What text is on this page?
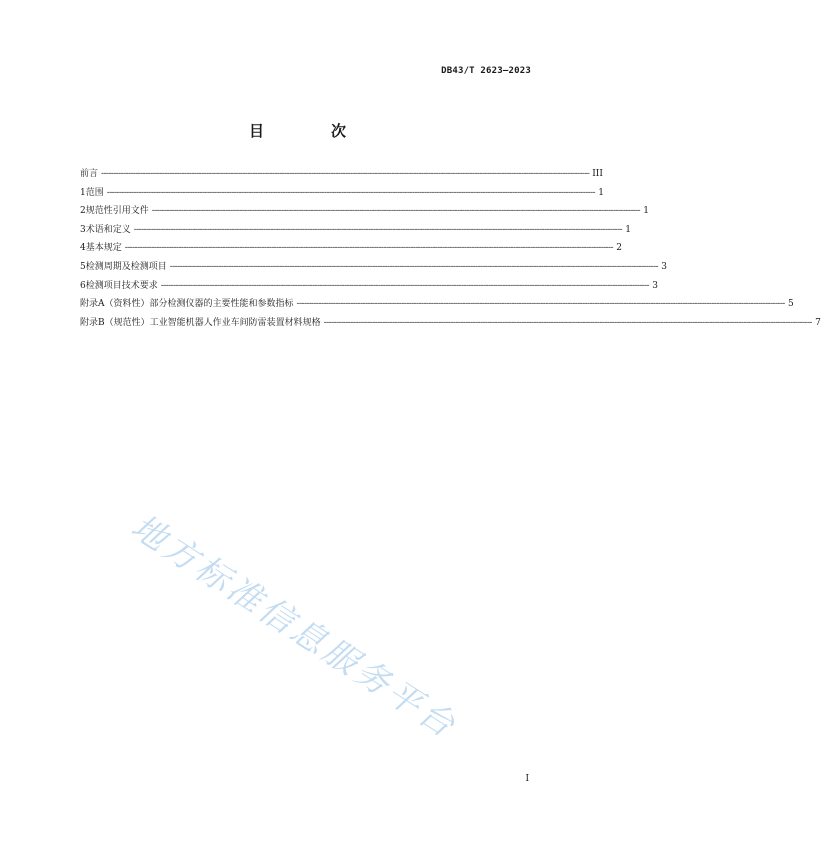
DB43/T 2623—2023
目　次
前言 -------------------------------------------------------------------------------------------------------------------------------------------------------------------------------------------------------- III
1 范围 -------------------------------------------------------------------------------------------------------------------------------------------------------------------------------------------------------- 1
2 规范性引用文件 -------------------------------------------------------------------------------------------------------------------------------------------------------------------------------------------------------- 1
3 术语和定义 -------------------------------------------------------------------------------------------------------------------------------------------------------------------------------------------------------- 1
4 基本规定 -------------------------------------------------------------------------------------------------------------------------------------------------------------------------------------------------------- 2
5 检测周期及检测项目 -------------------------------------------------------------------------------------------------------------------------------------------------------------------------------------------------------- 3
6 检测项目技术要求 -------------------------------------------------------------------------------------------------------------------------------------------------------------------------------------------------------- 3
附录A（资料性） 部分检测仪器的主要性能和参数指标 -------------------------------------------------------------------------------------------------------------------------------------------------------------------------------------------------------- 5
附录B（规范性） 工业智能机器人作业车间防雷装置材料规格 -------------------------------------------------------------------------------------------------------------------------------------------------------------------------------------------------------- 7
地方标准信息服务平台
I
